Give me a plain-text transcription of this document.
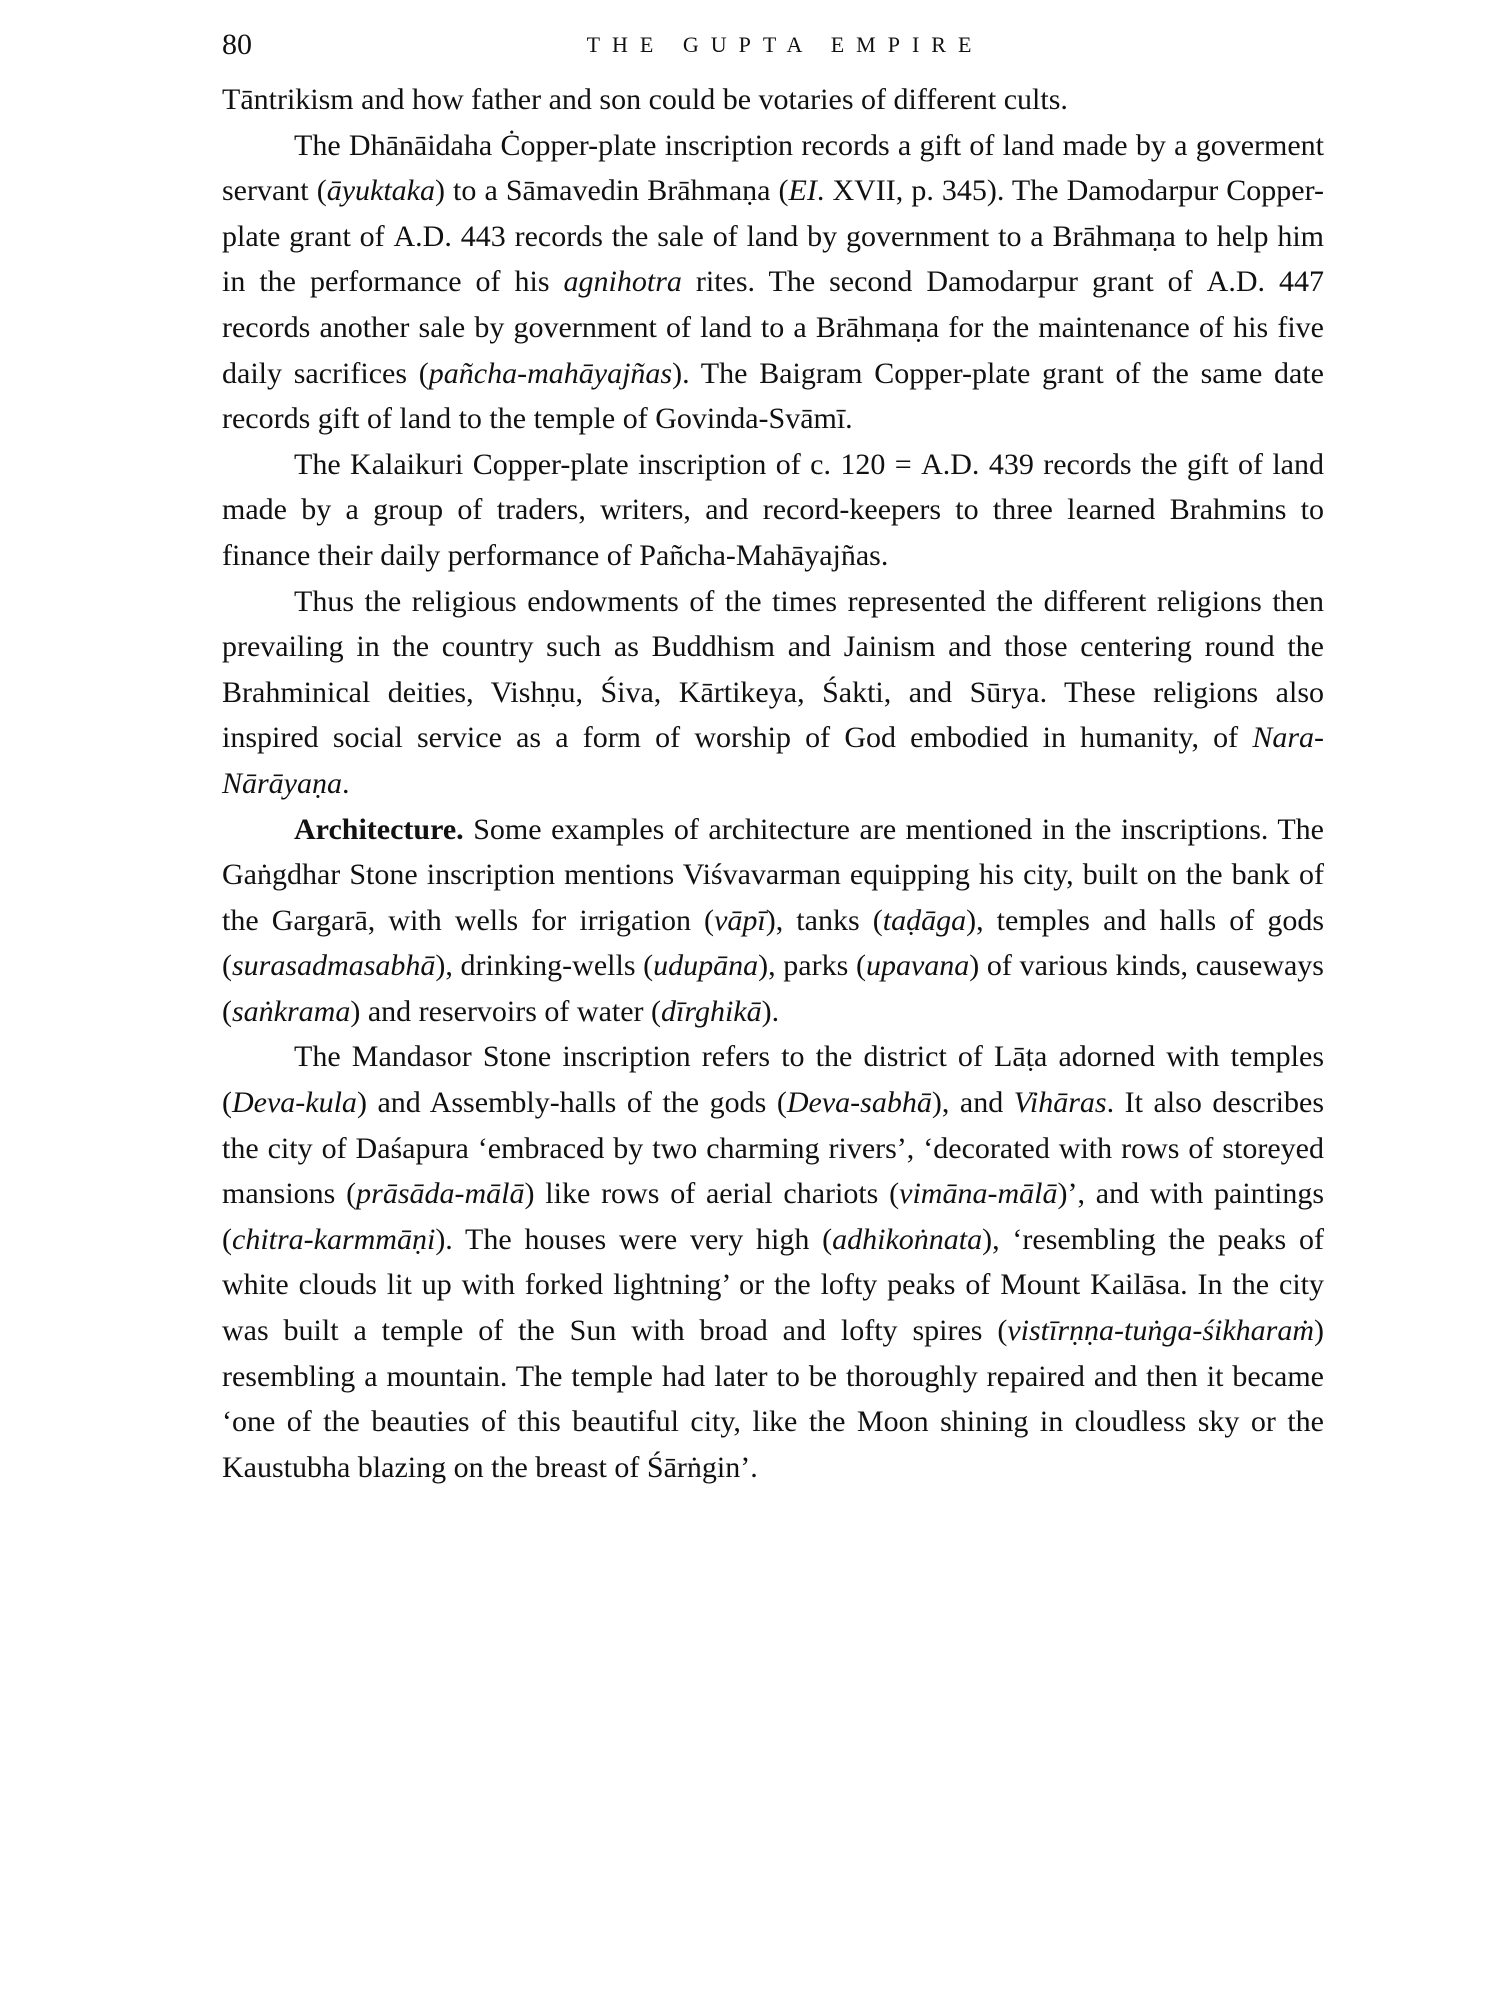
80	THE GUPTA EMPIRE

Tāntrikism and how father and son could be votaries of different cults.

The Dhānāidaha Ċopper-plate inscription records a gift of land made by a goverment servant (āyuktaka) to a Sāmavedin Brāhmaṇa (EI. XVII, p. 345). The Damodarpur Copper-plate grant of A.D. 443 records the sale of land by government to a Brāhmaṇa to help him in the performance of his agnihotra rites. The second Damodarpur grant of A.D. 447 records another sale by government of land to a Brāhmaṇa for the maintenance of his five daily sacrifices (pañcha-mahāyajñas). The Baigram Copper-plate grant of the same date records gift of land to the temple of Govinda-Svāmī.

The Kalaikuri Copper-plate inscription of c. 120 = A.D. 439 records the gift of land made by a group of traders, writers, and record-keepers to three learned Brahmins to finance their daily performance of Pañcha-Mahāyajñas.

Thus the religious endowments of the times represented the different religions then prevailing in the country such as Buddhism and Jainism and those centering round the Brahminical deities, Vishṇu, Śiva, Kārtikeya, Śakti, and Sūrya. These religions also inspired social service as a form of worship of God embodied in humanity, of Nara-Nārāyaṇa.

Architecture. Some examples of architecture are mentioned in the inscriptions. The Gaṅgdhar Stone inscription mentions Viśvavarman equipping his city, built on the bank of the Gargarā, with wells for irrigation (vāpī), tanks (taḍāga), temples and halls of gods (surasadmasabhā), drinking-wells (udupāna), parks (upavana) of various kinds, causeways (saṅkrama) and reservoirs of water (dīrghikā).

The Mandasor Stone inscription refers to the district of Lāṭa adorned with temples (Deva-kula) and Assembly-halls of the gods (Deva-sabhā), and Vihāras. It also describes the city of Daśapura ‘embraced by two charming rivers’, ‘decorated with rows of storeyed mansions (prāsāda-mālā) like rows of aerial chariots (vimāna-mālā)’, and with paintings (chitra-karmmāṇi). The houses were very high (adhikoṅnata), ‘resembling the peaks of white clouds lit up with forked lightning’ or the lofty peaks of Mount Kailāsa. In the city was built a temple of the Sun with broad and lofty spires (vistīrṇṇa-tuṅga-śikharaṁ) resembling a mountain. The temple had later to be thoroughly repaired and then it became ‘one of the beauties of this beautiful city, like the Moon shining in cloudless sky or the Kaustubha blazing on the breast of Śārṅgin’.
